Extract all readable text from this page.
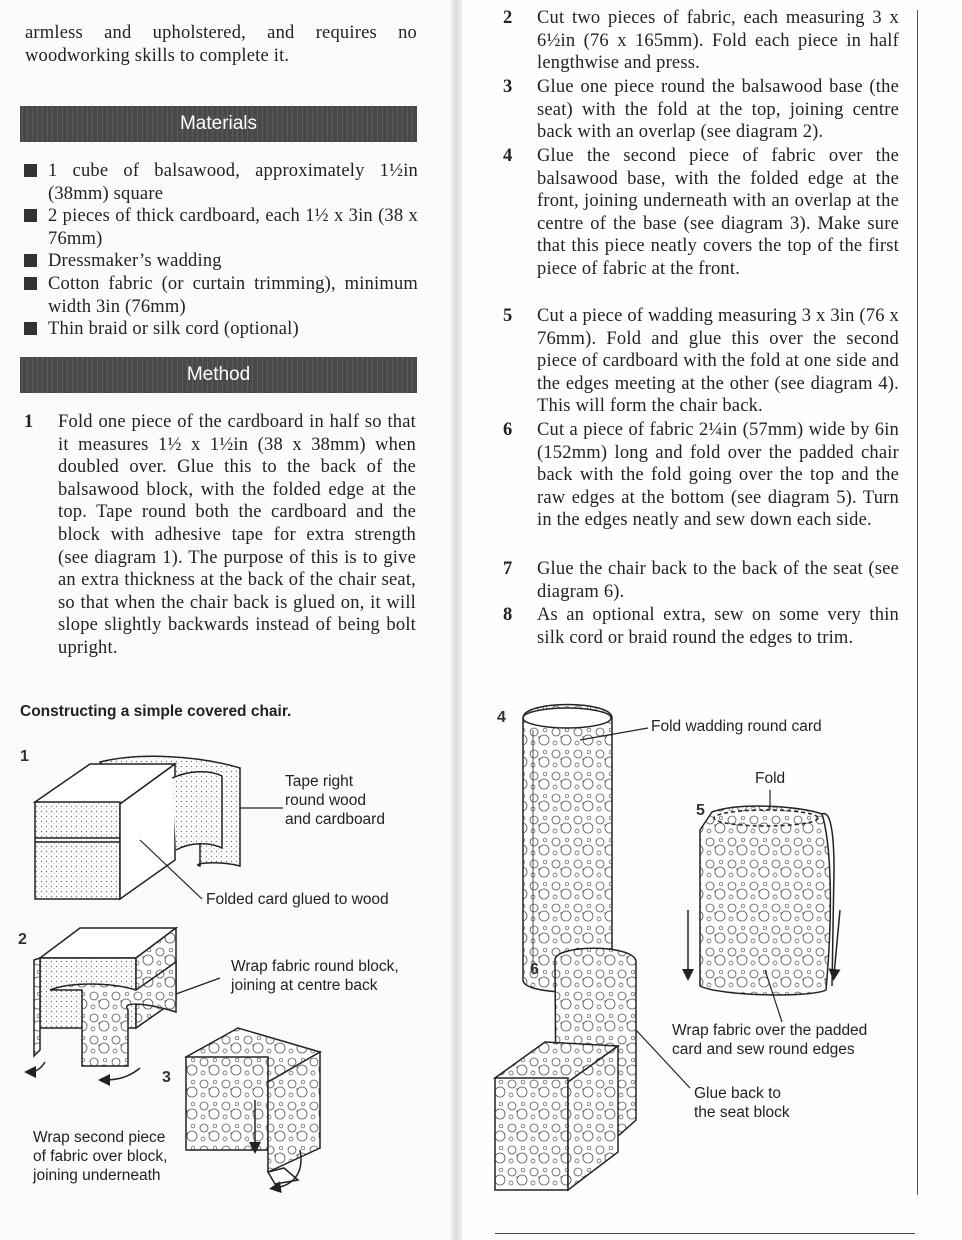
armless and upholstered, and requires no woodworking skills to complete it.
Materials
1 cube of balsawood, approximately 1½in (38mm) square
2 pieces of thick cardboard, each 1½ x 3in (38 x 76mm)
Dressmaker’s wadding
Cotton fabric (or curtain trimming), minimum width 3in (76mm)
Thin braid or silk cord (optional)
Method
1 Fold one piece of the cardboard in half so that it measures 1½ x 1½in (38 x 38mm) when doubled over. Glue this to the back of the balsawood block, with the folded edge at the top. Tape round both the cardboard and the block with adhesive tape for extra strength (see diagram 1). The purpose of this is to give an extra thickness at the back of the chair seat, so that when the chair back is glued on, it will slope slightly backwards instead of being bolt upright.
2 Cut two pieces of fabric, each measuring 3 x 6½in (76 x 165mm). Fold each piece in half lengthwise and press.
3 Glue one piece round the balsawood base (the seat) with the fold at the top, joining centre back with an overlap (see diagram 2).
4 Glue the second piece of fabric over the balsawood base, with the folded edge at the front, joining underneath with an overlap at the centre of the base (see diagram 3). Make sure that this piece neatly covers the top of the first piece of fabric at the front.
5 Cut a piece of wadding measuring 3 x 3in (76 x 76mm). Fold and glue this over the second piece of cardboard with the fold at one side and the edges meeting at the other (see diagram 4). This will form the chair back.
6 Cut a piece of fabric 2¼in (57mm) wide by 6in (152mm) long and fold over the padded chair back with the fold going over the top and the raw edges at the bottom (see diagram 5). Turn in the edges neatly and sew down each side.
7 Glue the chair back to the back of the seat (see diagram 6).
8 As an optional extra, sew on some very thin silk cord or braid round the edges to trim.
Constructing a simple covered chair.
1
2
3
4
5
6
Tape right
round wood
and cardboard
Folded card glued to wood
Wrap fabric round block,
joining at centre back
Wrap second piece
of fabric over block,
joining underneath
Fold wadding round card
Fold
Wrap fabric over the padded
card and sew round edges
Glue back to
the seat block
